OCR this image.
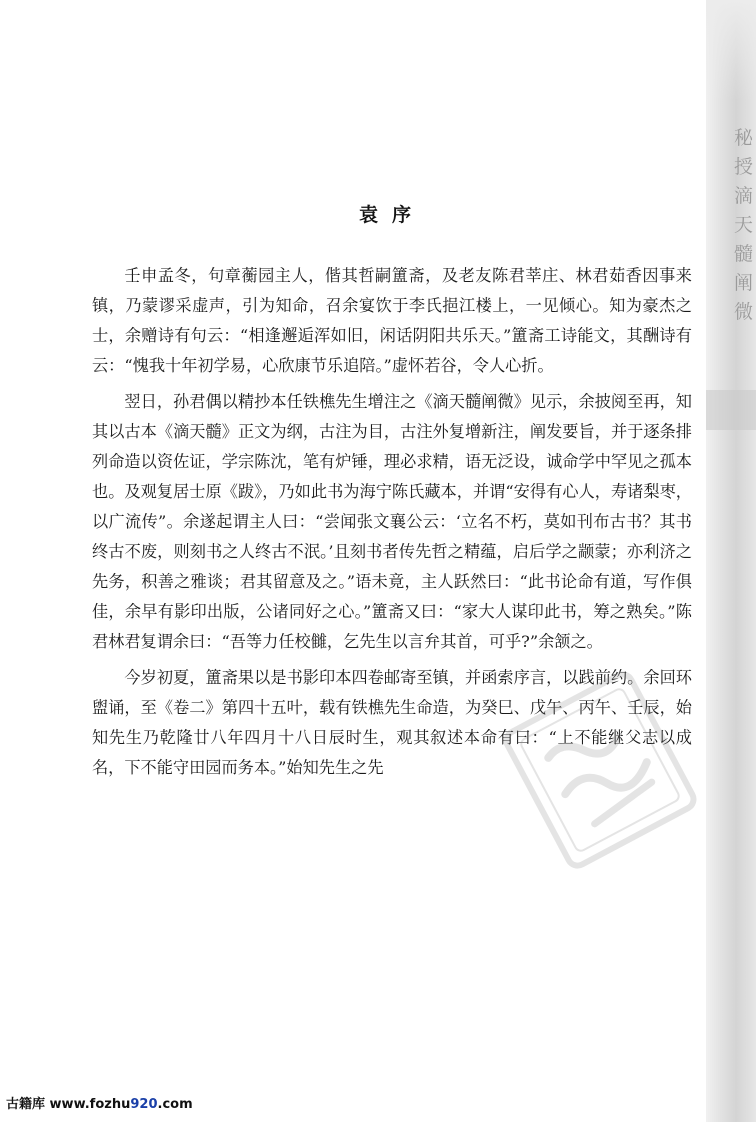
秘
授
滴
天
髓
阐
微
袁序

壬申孟冬，句章蘅园主人，偕其哲嗣簠斋，及老友陈君莘庄、林君茹香因事来镇，乃蒙谬采虚声，引为知命，召余宴饮于李氏挹江楼上，一见倾心。知为豪杰之士，余赠诗有句云：“相逢邂逅浑如旧，闲话阴阳共乐天。”簠斋工诗能文，其酬诗有云：“愧我十年初学易，心欣康节乐追陪。”虚怀若谷，令人心折。

翌日，孙君偶以精抄本任铁樵先生增注之《滴天髓阐微》见示，余披阅至再，知其以古本《滴天髓》正文为纲，古注为目，古注外复增新注，阐发要旨，并于逐条排列命造以资佐证，学宗陈沈，笔有炉锤，理必求精，语无泛设，诚命学中罕见之孤本也。及观复居士原《跋》，乃如此书为海宁陈氏藏本，并谓“安得有心人，寿诸梨枣，以广流传”。余遂起谓主人曰：“尝闻张文襄公云：‘立名不朽，莫如刊布古书？其书终古不废，则刻书之人终古不泯。’且刻书者传先哲之精蕴，启后学之颛蒙；亦利济之先务，积善之雅谈；君其留意及之。”语未竟，主人跃然曰：“此书论命有道，写作俱佳，余早有影印出版，公诸同好之心。”簠斋又曰：“家大人谋印此书，筹之熟矣。”陈君林君复谓余曰：“吾等力任校雠，乞先生以言弁其首，可乎?”余颔之。

今岁初夏，簠斋果以是书影印本四卷邮寄至镇，并函索序言，以践前约。余回环盥诵，至《卷二》第四十五叶，载有铁樵先生命造，为癸巳、戊午、丙午、壬辰，始知先生乃乾隆廿八年四月十八日辰时生，观其叙述本命有曰：“上不能继父志以成名，下不能守田园而务本。”始知先生之先

古籍库 www.fozhu920.com
